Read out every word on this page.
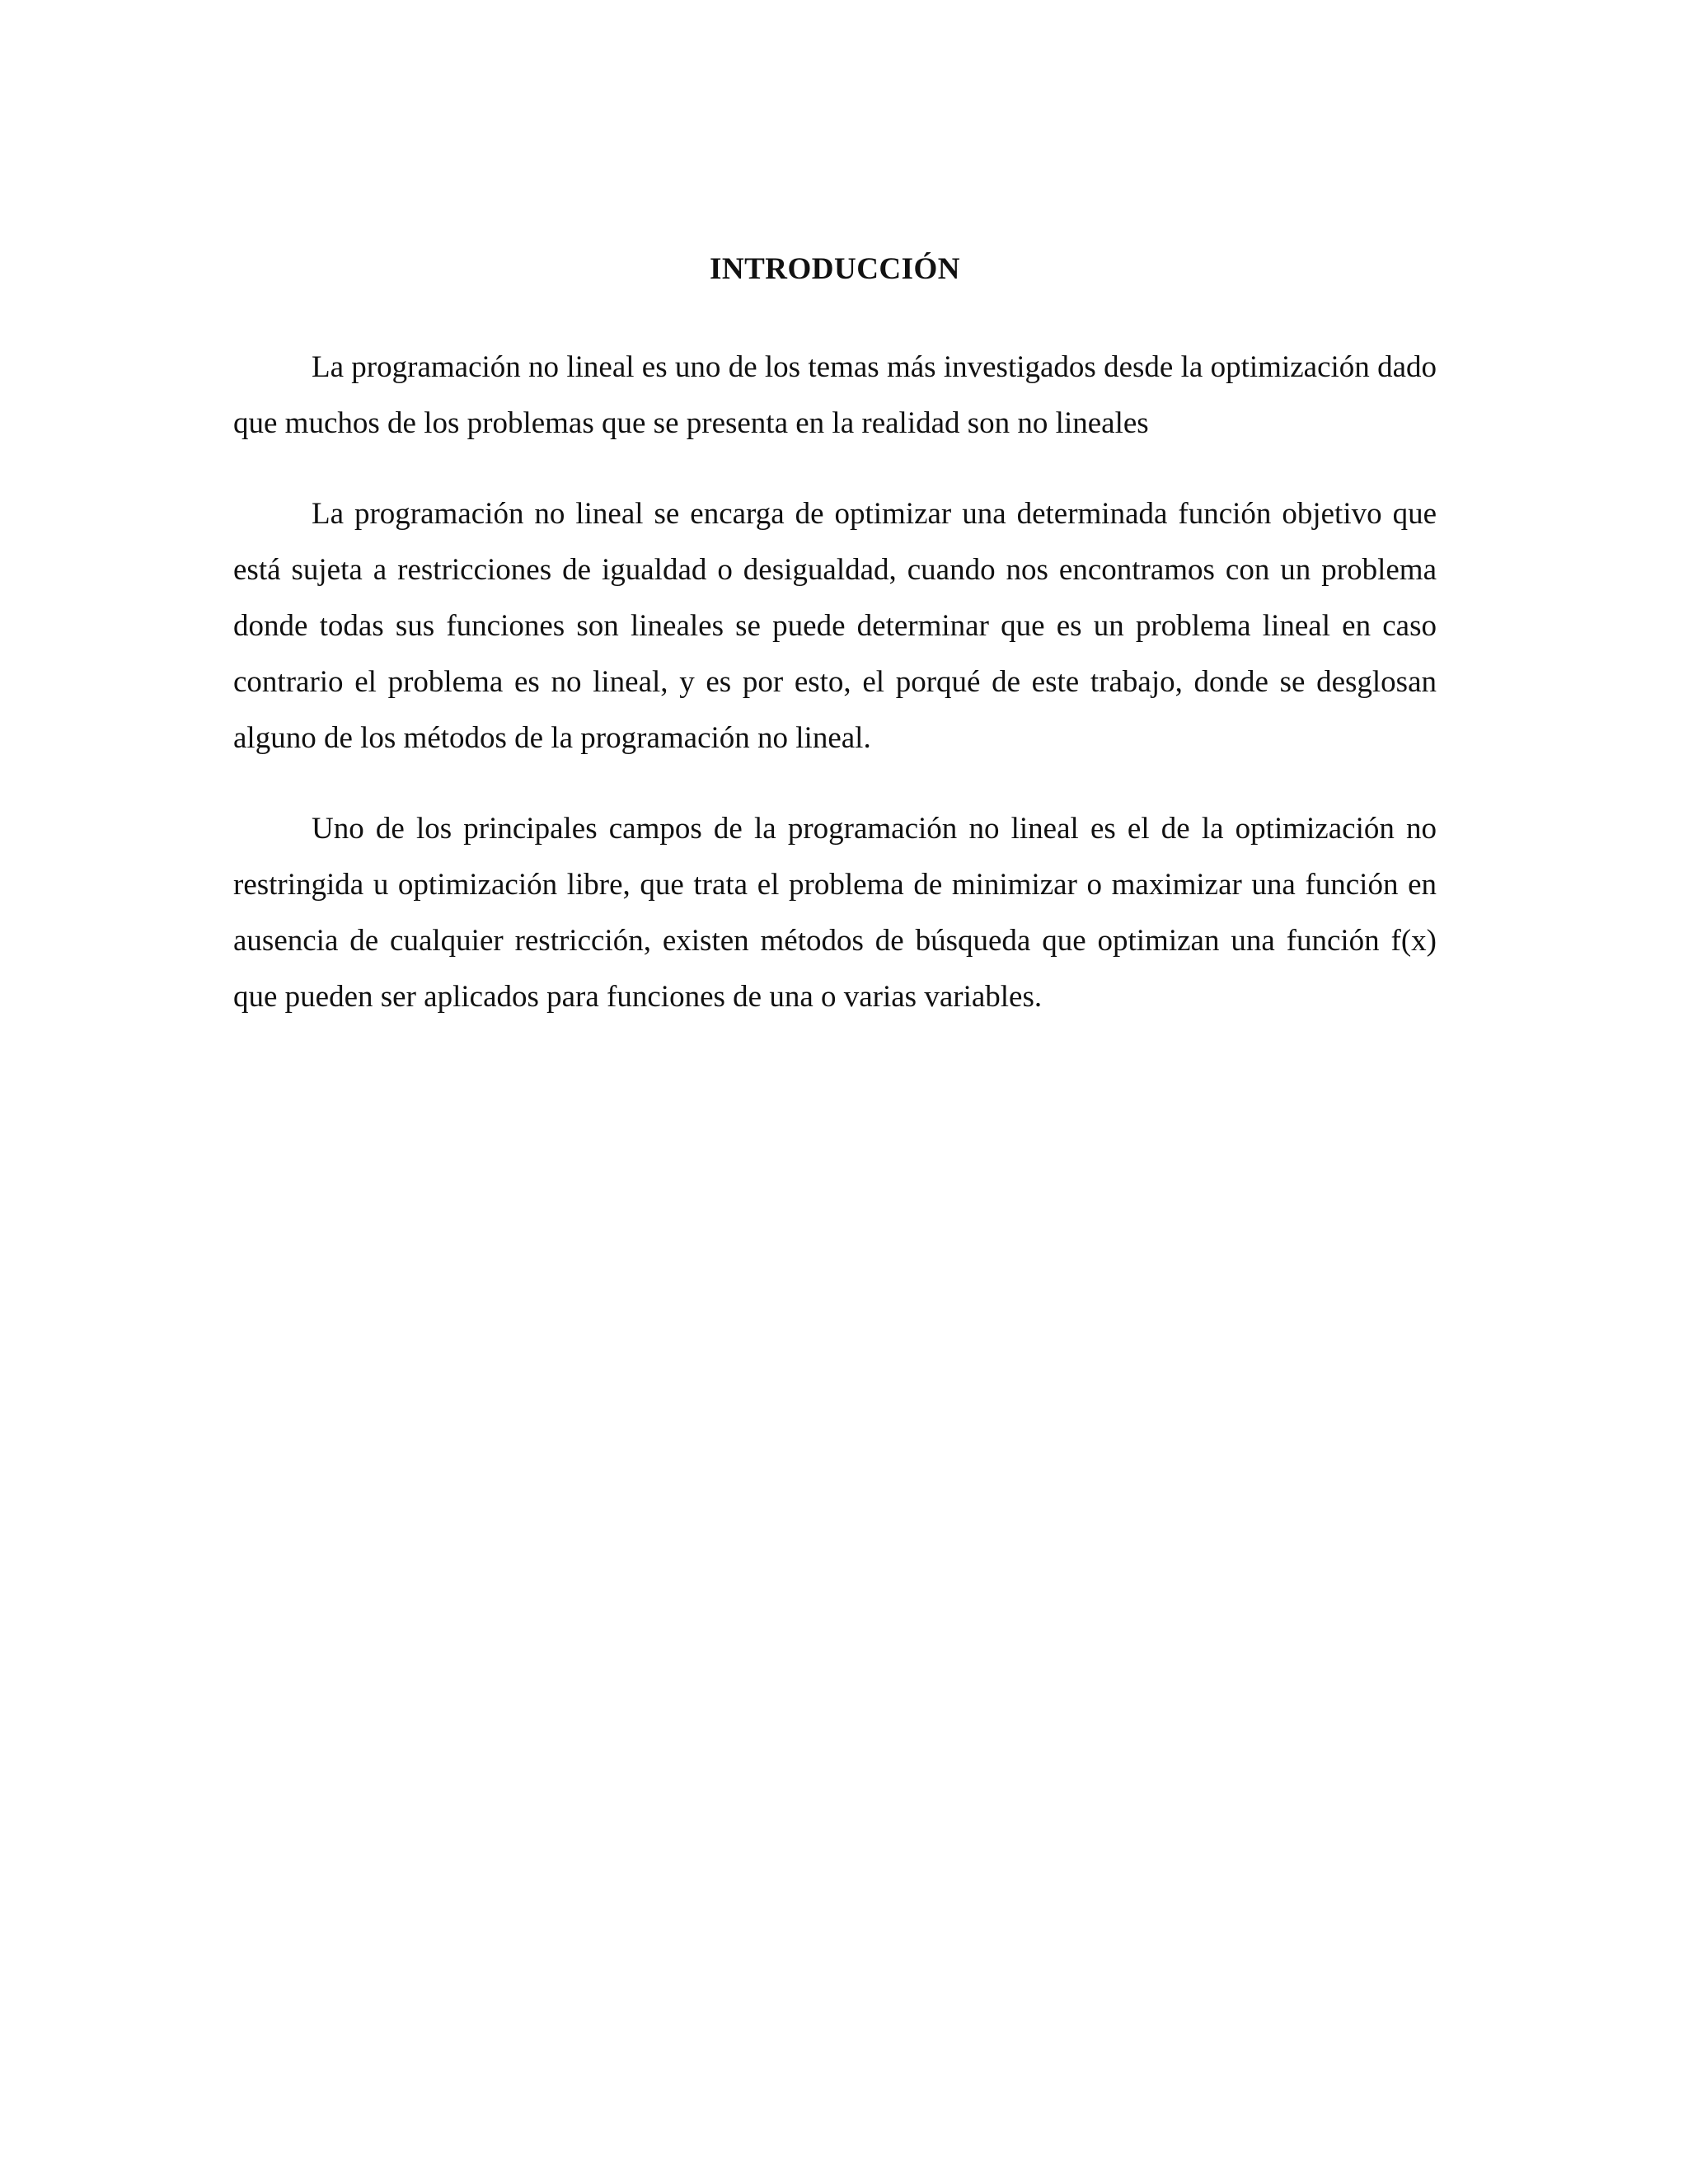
INTRODUCCIÓN

La programación no lineal es uno de los temas más investigados desde la optimización dado que muchos de los problemas que se presenta en la realidad son no lineales

La programación no lineal se encarga de optimizar una determinada función objetivo que está sujeta a restricciones de igualdad o desigualdad, cuando nos encontramos con un problema donde todas sus funciones son lineales se puede determinar que es un problema lineal en caso contrario el problema es no lineal, y es por esto, el porqué de este trabajo, donde se desglosan alguno de los métodos de la programación no lineal.

Uno de los principales campos de la programación no lineal es el de la optimización no restringida u optimización libre, que trata el problema de minimizar o maximizar una función en ausencia de cualquier restricción, existen métodos de búsqueda que optimizan una función f(x) que pueden ser aplicados para funciones de una o varias variables.
